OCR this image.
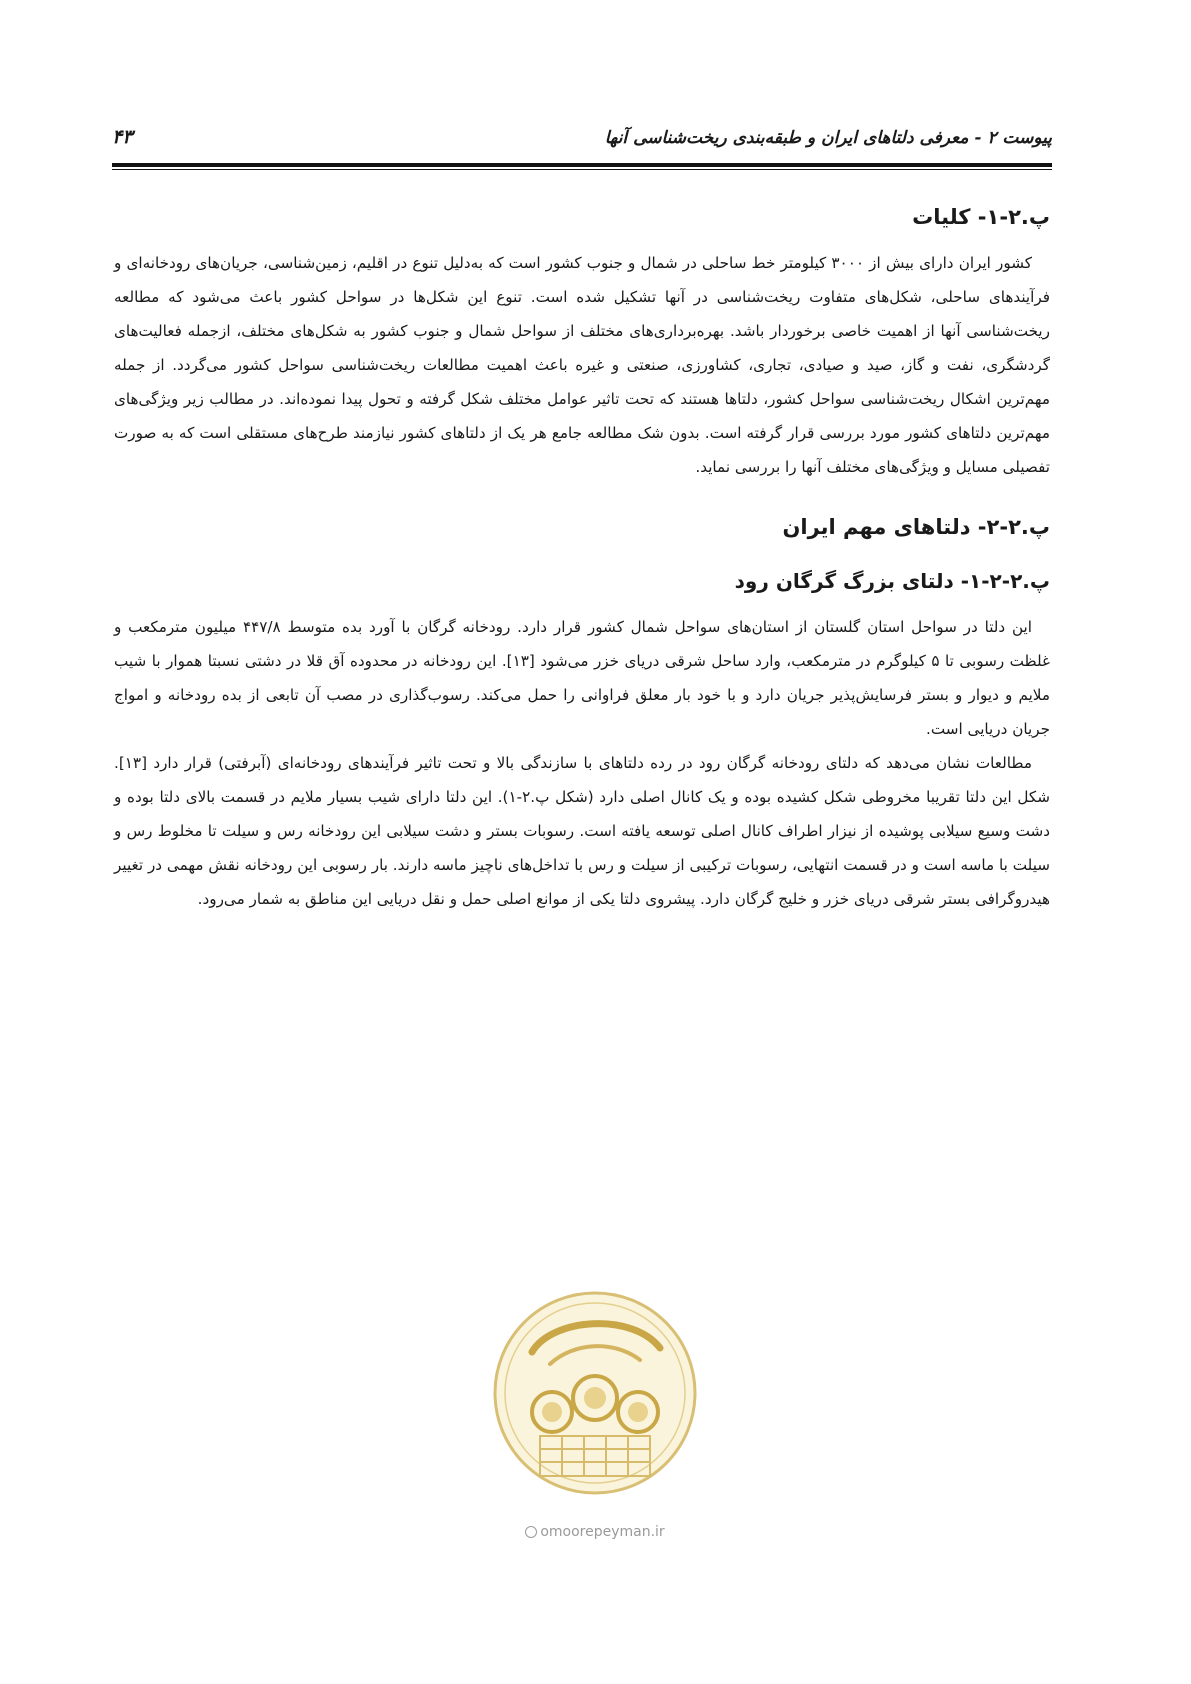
پیوست ۲ - معرفی دلتاهای ایران و طبقه‌بندی ریخت‌شناسی آنها
۴۳
پ.۲-۱- کلیات

کشور ایران دارای بیش از ۳۰۰۰ کیلومتر خط ساحلی در شمال و جنوب کشور است که به‌دلیل تنوع در اقلیم، زمین‌شناسی، جریان‌های رودخانه‌ای و فرآیندهای ساحلی، شکل‌های متفاوت ریخت‌شناسی در آنها تشکیل شده است. تنوع این شکل‌ها در سواحل کشور باعث می‌شود که مطالعه ریخت‌شناسی آنها از اهمیت خاصی برخوردار باشد. بهره‌برداری‌های مختلف از سواحل شمال و جنوب کشور به شکل‌های مختلف، ازجمله فعالیت‌های گردشگری، نفت و گاز، صید و صیادی، تجاری، کشاورزی، صنعتی و غیره باعث اهمیت مطالعات ریخت‌شناسی سواحل کشور می‌گردد. از جمله مهم‌ترین اشکال ریخت‌شناسی سواحل کشور، دلتاها هستند که تحت تاثیر عوامل مختلف شکل گرفته و تحول پیدا نموده‌اند. در مطالب زیر ویژگی‌های مهم‌ترین دلتاهای کشور مورد بررسی قرار گرفته است. بدون شک مطالعه جامع هر یک از دلتاهای کشور نیازمند طرح‌های مستقلی است که به صورت تفصیلی مسایل و ویژگی‌های مختلف آنها را بررسی نماید.

پ.۲-۲- دلتاهای مهم ایران
پ.۲-۲-۱- دلتای بزرگ گرگان رود

این دلتا در سواحل استان گلستان از استان‌های سواحل شمال کشور قرار دارد. رودخانه گرگان با آورد بده متوسط ۴۴۷/۸ میلیون مترمکعب و غلظت رسوبی تا ۵ کیلوگرم در مترمکعب، وارد ساحل شرقی دریای خزر می‌شود [۱۳]. این رودخانه در محدوده آق قلا در دشتی نسبتا هموار با شیب ملایم و دیوار و بستر فرسایش‌پذیر جریان دارد و با خود بار معلق فراوانی را حمل می‌کند. رسوب‌گذاری در مصب آن تابعی از بده رودخانه و امواج جریان دریایی است.

مطالعات نشان می‌دهد که دلتای رودخانه گرگان رود در رده دلتاهای با سازندگی بالا و تحت تاثیر فرآیندهای رودخانه‌ای (آبرفتی) قرار دارد [۱۳]. شکل این دلتا تقریبا مخروطی شکل کشیده بوده و یک کانال اصلی دارد (شکل پ.۲-۱). این دلتا دارای شیب بسیار ملایم در قسمت بالای دلتا بوده و دشت وسیع سیلابی پوشیده از نیزار اطراف کانال اصلی توسعه یافته است. رسوبات بستر و دشت سیلابی این رودخانه رس و سیلت تا مخلوط رس و سیلت با ماسه است و در قسمت انتهایی، رسوبات ترکیبی از سیلت و رس با تداخل‌های ناچیز ماسه دارند. بار رسوبی این رودخانه نقش مهمی در تغییر هیدروگرافی بستر شرقی دریای خزر و خلیج گرگان دارد. پیشروی دلتا یکی از موانع اصلی حمل و نقل دریایی این مناطق به شمار می‌رود.

omoorepeyman.ir
